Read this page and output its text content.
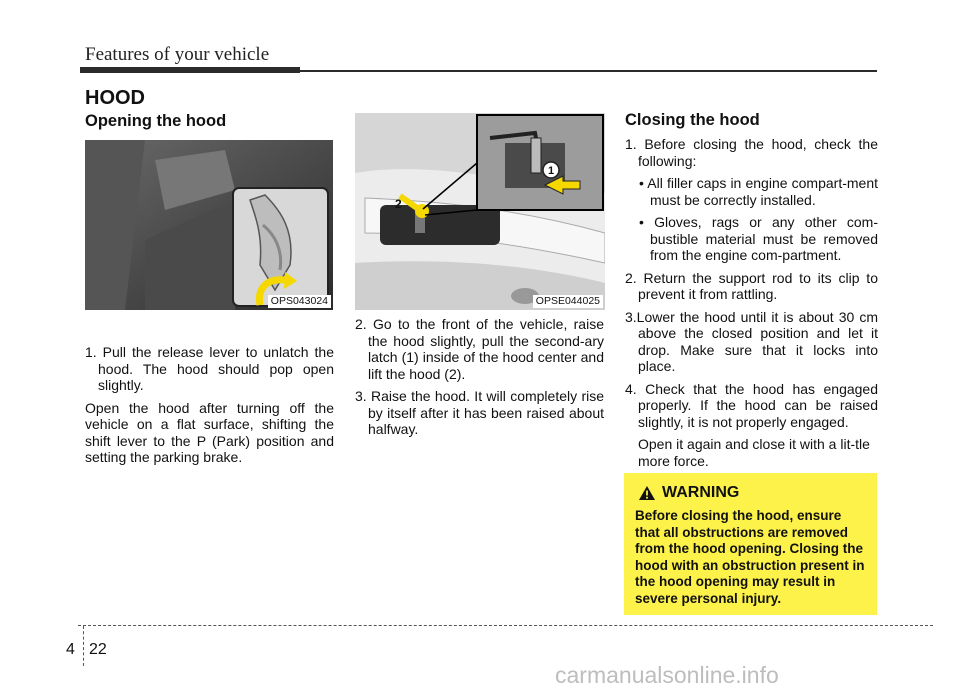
Features of your vehicle
HOOD
Opening the hood
OPS043024

1. Pull the release lever to unlatch the hood. The hood should pop open slightly.

Open the hood after turning off the vehicle on a flat surface, shifting the shift lever to the P (Park) position and setting the parking brake.

2
1
OPSE044025

2. Go to the front of the vehicle, raise the hood slightly, pull the second-ary latch (1) inside of the hood center and lift the hood (2).

3. Raise the hood. It will completely rise by itself after it has been raised about halfway.

Closing the hood

1. Before closing the hood, check the following:

• All filler caps in engine compart-ment must be correctly installed.

• Gloves, rags or any other com-bustible material must be removed from the engine com-partment.

2. Return the support rod to its clip to prevent it from rattling.

3.Lower the hood until it is about 30 cm above the closed position and let it drop. Make sure that it locks into place.

4. Check that the hood has engaged properly. If the hood can be raised slightly, it is not properly engaged.

Open it again and close it with a lit-tle more force.

WARNING
Before closing the hood, ensure that all obstructions are removed from the hood opening. Closing the hood with an obstruction present in the hood opening may result in severe personal injury.
4 22
carmanualsonline.info
